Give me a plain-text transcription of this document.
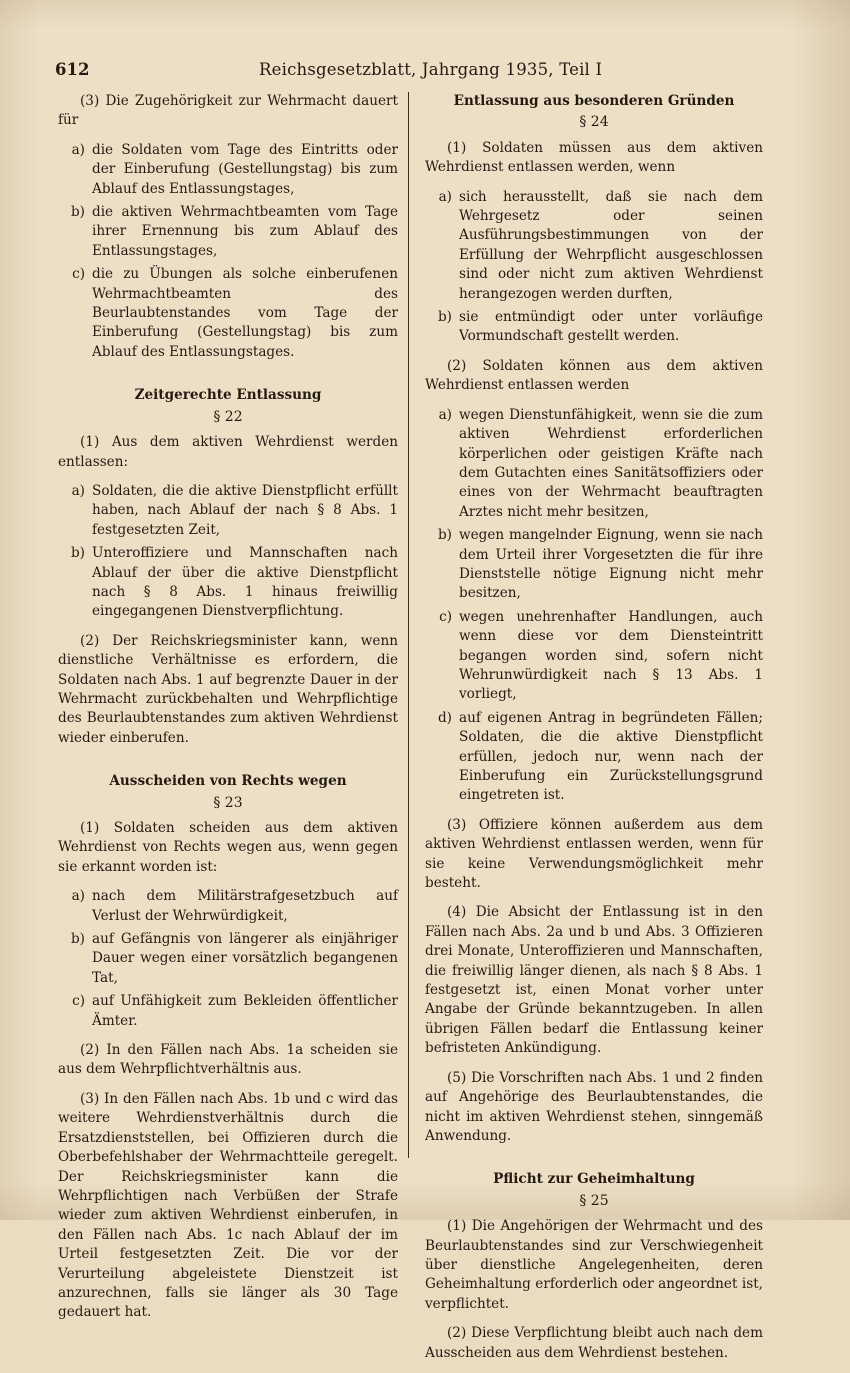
612	Reichsgesetzblatt, Jahrgang 1935, Teil I

(3) Die Zugehörigkeit zur Wehrmacht dauert für

a) die Soldaten vom Tage des Eintritts oder der Einberufung (Gestellungstag) bis zum Ablauf des Entlassungstages,
b) die aktiven Wehrmachtbeamten vom Tage ihrer Ernennung bis zum Ablauf des Entlassungstages,
c) die zu Übungen als solche einberufenen Wehrmachtbeamten des Beurlaubtenstandes vom Tage der Einberufung (Gestellungstag) bis zum Ablauf des Entlassungstages.
Zeitgerechte Entlassung
§ 22

(1) Aus dem aktiven Wehrdienst werden entlassen:

a) Soldaten, die die aktive Dienstpflicht erfüllt haben, nach Ablauf der nach § 8 Abs. 1 festgesetzten Zeit,
b) Unteroffiziere und Mannschaften nach Ablauf der über die aktive Dienstpflicht nach § 8 Abs. 1 hinaus freiwillig eingegangenen Dienstverpflichtung.

(2) Der Reichskriegsminister kann, wenn dienstliche Verhältnisse es erfordern, die Soldaten nach Abs. 1 auf begrenzte Dauer in der Wehrmacht zurückbehalten und Wehrpflichtige des Beurlaubtenstandes zum aktiven Wehrdienst wieder einberufen.

Ausscheiden von Rechts wegen
§ 23

(1) Soldaten scheiden aus dem aktiven Wehrdienst von Rechts wegen aus, wenn gegen sie erkannt worden ist:

a) nach dem Militärstrafgesetzbuch auf Verlust der Wehrwürdigkeit,
b) auf Gefängnis von längerer als einjähriger Dauer wegen einer vorsätzlich begangenen Tat,
c) auf Unfähigkeit zum Bekleiden öffentlicher Ämter.

(2) In den Fällen nach Abs. 1a scheiden sie aus dem Wehrpflichtverhältnis aus.

(3) In den Fällen nach Abs. 1b und c wird das weitere Wehrdienstverhältnis durch die Ersatzdienststellen, bei Offizieren durch die Oberbefehlshaber der Wehrmachtteile geregelt. Der Reichskriegsminister kann die Wehrpflichtigen nach Verbüßen der Strafe wieder zum aktiven Wehrdienst einberufen, in den Fällen nach Abs. 1c nach Ablauf der im Urteil festgesetzten Zeit. Die vor der Verurteilung abgeleistete Dienstzeit ist anzurechnen, falls sie länger als 30 Tage gedauert hat.

Entlassung aus besonderen Gründen
§ 24

(1) Soldaten müssen aus dem aktiven Wehrdienst entlassen werden, wenn

a) sich herausstellt, daß sie nach dem Wehrgesetz oder seinen Ausführungsbestimmungen von der Erfüllung der Wehrpflicht ausgeschlossen sind oder nicht zum aktiven Wehrdienst herangezogen werden durften,
b) sie entmündigt oder unter vorläufige Vormundschaft gestellt werden.

(2) Soldaten können aus dem aktiven Wehrdienst entlassen werden

a) wegen Dienstunfähigkeit, wenn sie die zum aktiven Wehrdienst erforderlichen körperlichen oder geistigen Kräfte nach dem Gutachten eines Sanitätsoffiziers oder eines von der Wehrmacht beauftragten Arztes nicht mehr besitzen,
b) wegen mangelnder Eignung, wenn sie nach dem Urteil ihrer Vorgesetzten die für ihre Dienststelle nötige Eignung nicht mehr besitzen,
c) wegen unehrenhafter Handlungen, auch wenn diese vor dem Diensteintritt begangen worden sind, sofern nicht Wehrunwürdigkeit nach § 13 Abs. 1 vorliegt,
d) auf eigenen Antrag in begründeten Fällen; Soldaten, die die aktive Dienstpflicht erfüllen, jedoch nur, wenn nach der Einberufung ein Zurückstellungsgrund eingetreten ist.

(3) Offiziere können außerdem aus dem aktiven Wehrdienst entlassen werden, wenn für sie keine Verwendungsmöglichkeit mehr besteht.

(4) Die Absicht der Entlassung ist in den Fällen nach Abs. 2a und b und Abs. 3 Offizieren drei Monate, Unteroffizieren und Mannschaften, die freiwillig länger dienen, als nach § 8 Abs. 1 festgesetzt ist, einen Monat vorher unter Angabe der Gründe bekanntzugeben. In allen übrigen Fällen bedarf die Entlassung keiner befristeten Ankündigung.

(5) Die Vorschriften nach Abs. 1 und 2 finden auf Angehörige des Beurlaubtenstandes, die nicht im aktiven Wehrdienst stehen, sinngemäß Anwendung.

Pflicht zur Geheimhaltung
§ 25

(1) Die Angehörigen der Wehrmacht und des Beurlaubtenstandes sind zur Verschwiegenheit über dienstliche Angelegenheiten, deren Geheimhaltung erforderlich oder angeordnet ist, verpflichtet.

(2) Diese Verpflichtung bleibt auch nach dem Ausscheiden aus dem Wehrdienst bestehen.
